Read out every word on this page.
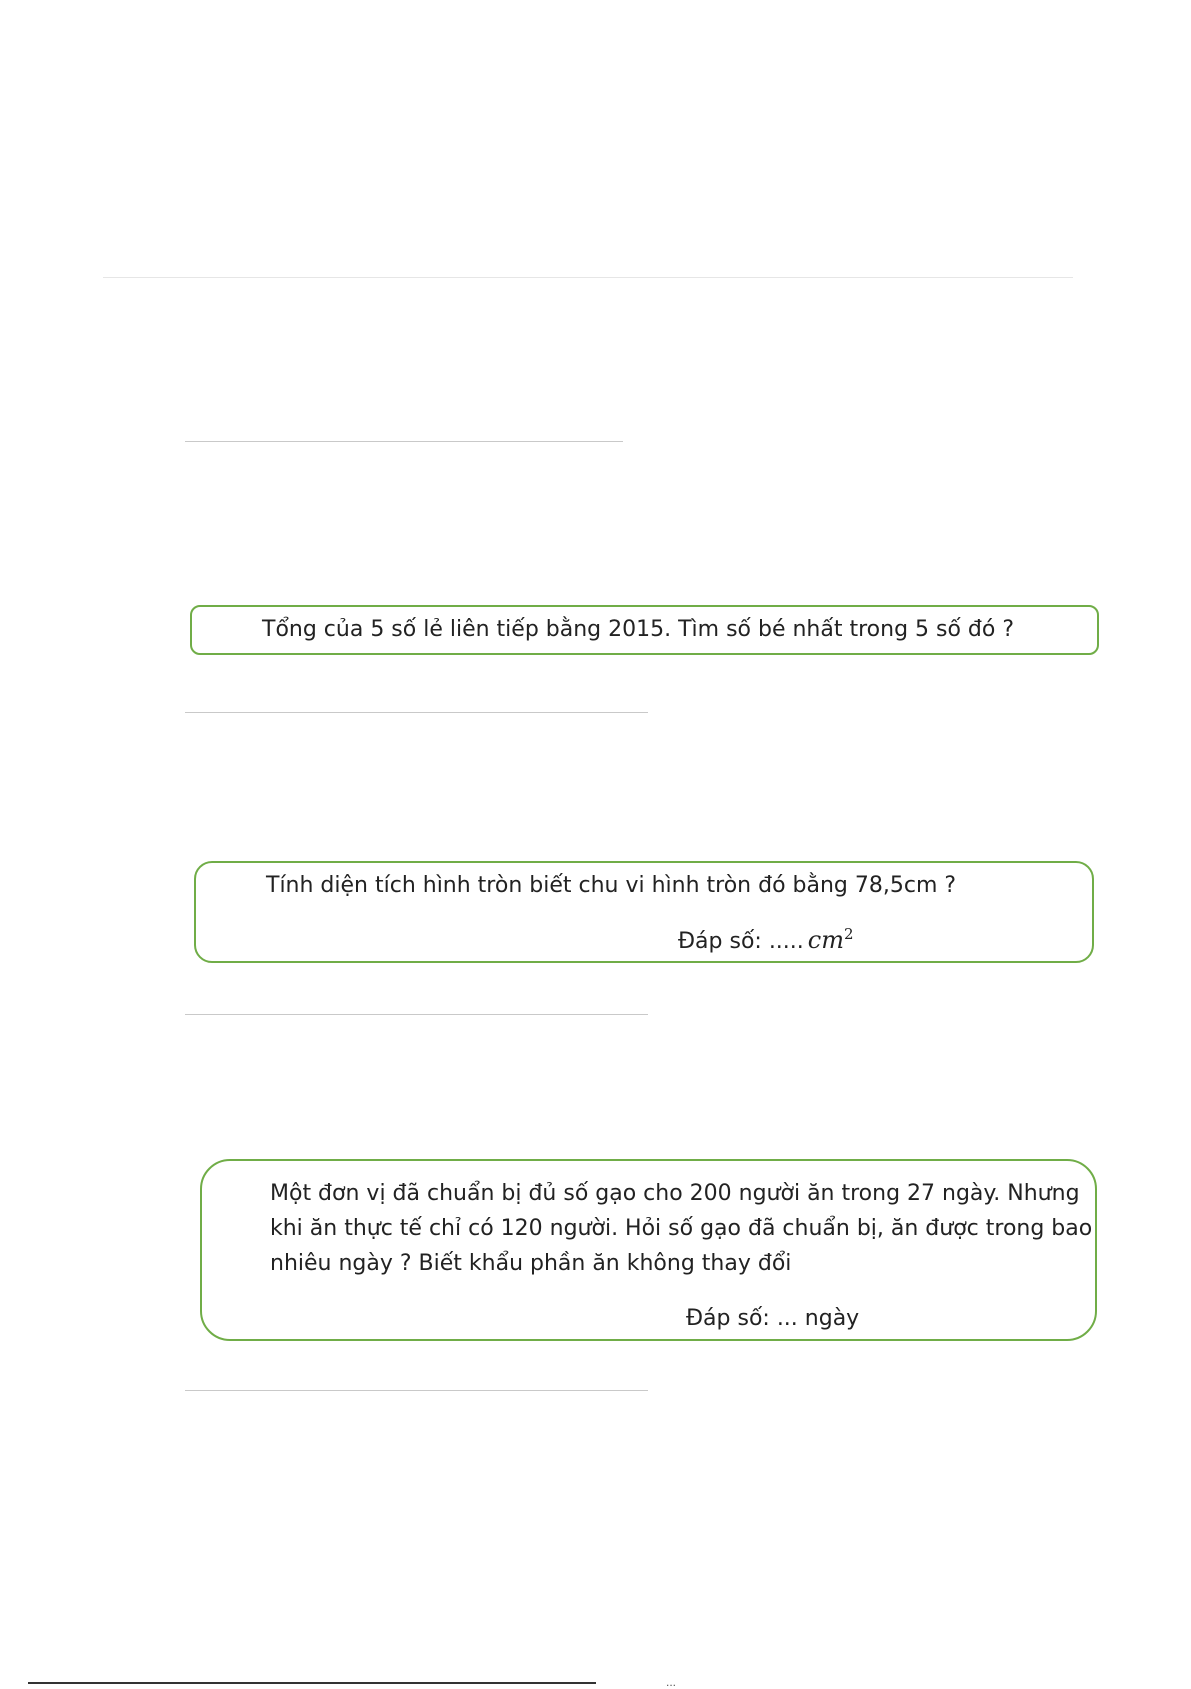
Tổng của 5 số lẻ liên tiếp bằng 2015. Tìm số bé nhất trong 5 số đó ?
Tính diện tích hình tròn biết chu vi hình tròn đó bằng 78,5cm ?
Đáp số: ..... $cm^2$
Một đơn vị đã chuẩn bị đủ số gạo cho 200 người ăn trong 27 ngày. Nhưng
khi ăn thực tế chỉ có 120 người. Hỏi số gạo đã chuẩn bị, ăn được trong bao
nhiêu ngày ? Biết khẩu phần ăn không thay đổi
Đáp số: ... ngày
...
